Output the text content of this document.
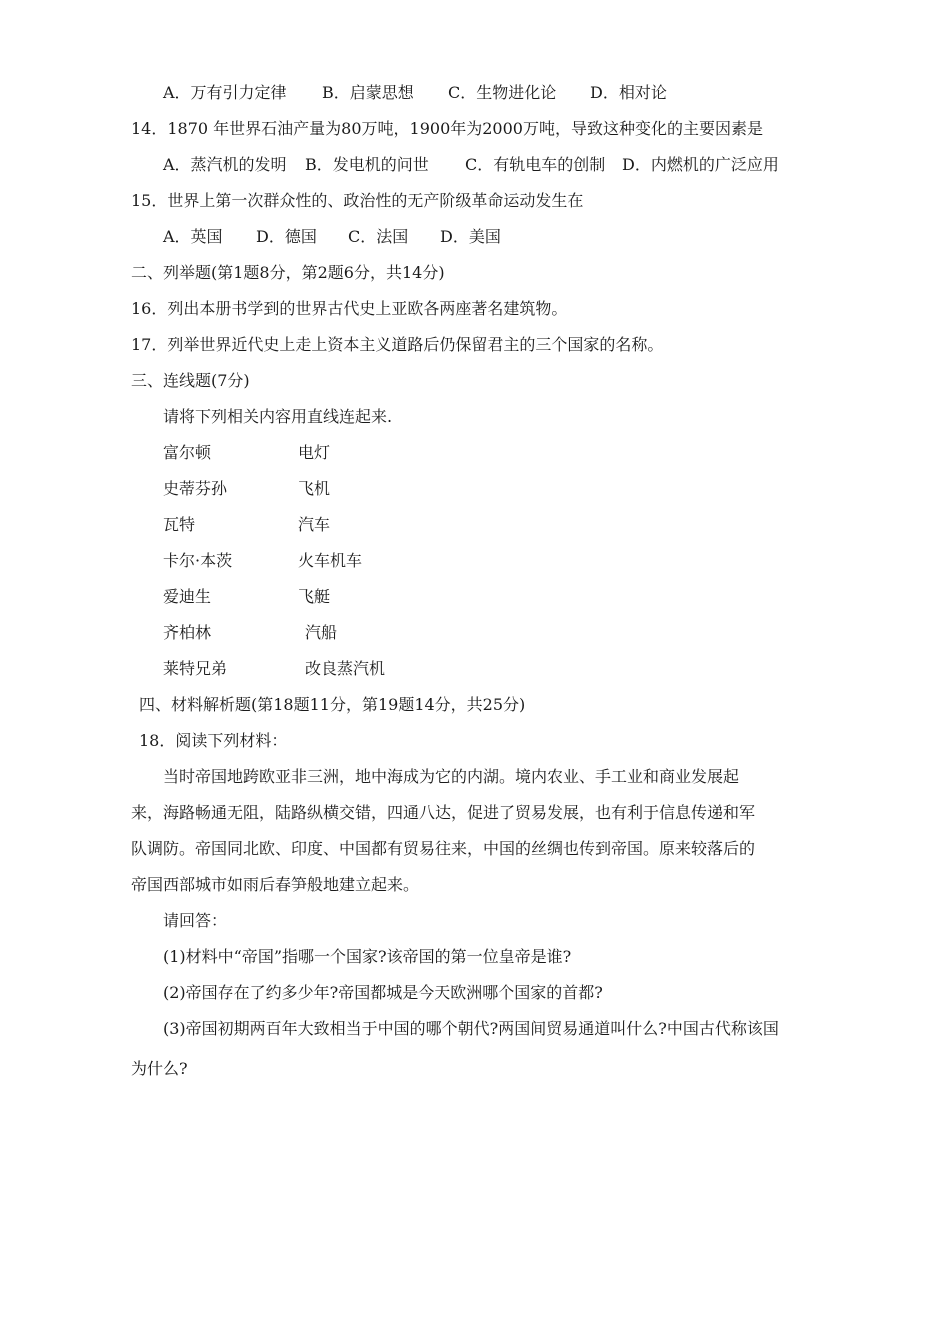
A．万有引力定律 B．启蒙思想 C．生物进化论 D．相对论
14．1870 年世界石油产量为80万吨，1900年为2000万吨，导致这种变化的主要因素是
A．蒸汽机的发明 B．发电机的问世 C．有轨电车的创制 D．内燃机的广泛应用
15．世界上第一次群众性的、政治性的无产阶级革命运动发生在
A．英国 D．德国 C．法国 D．美国
二、列举题(第1题8分，第2题6分，共14分)
16．列出本册书学到的世界古代史上亚欧各两座著名建筑物。
17．列举世界近代史上走上资本主义道路后仍保留君主的三个国家的名称。
三、连线题(7分)
请将下列相关内容用直线连起来.
富尔顿	电灯
史蒂芬孙	飞机
瓦特	汽车
卡尔·本茨	火车机车
爱迪生	飞艇
齐柏林	汽船
莱特兄弟	改良蒸汽机
四、材料解析题(第18题11分，第19题14分，共25分)
18．阅读下列材料：
当时帝国地跨欧亚非三洲，地中海成为它的内湖。境内农业、手工业和商业发展起
来，海路畅通无阻，陆路纵横交错，四通八达，促进了贸易发展，也有利于信息传递和军
队调防。帝国同北欧、印度、中国都有贸易往来，中国的丝绸也传到帝国。原来较落后的
帝国西部城市如雨后春笋般地建立起来。
请回答：
(1)材料中“帝国”指哪一个国家?该帝国的第一位皇帝是谁?
(2)帝国存在了约多少年?帝国都城是今天欧洲哪个国家的首都?
(3)帝国初期两百年大致相当于中国的哪个朝代?两国间贸易通道叫什么?中国古代称该国
为什么?
